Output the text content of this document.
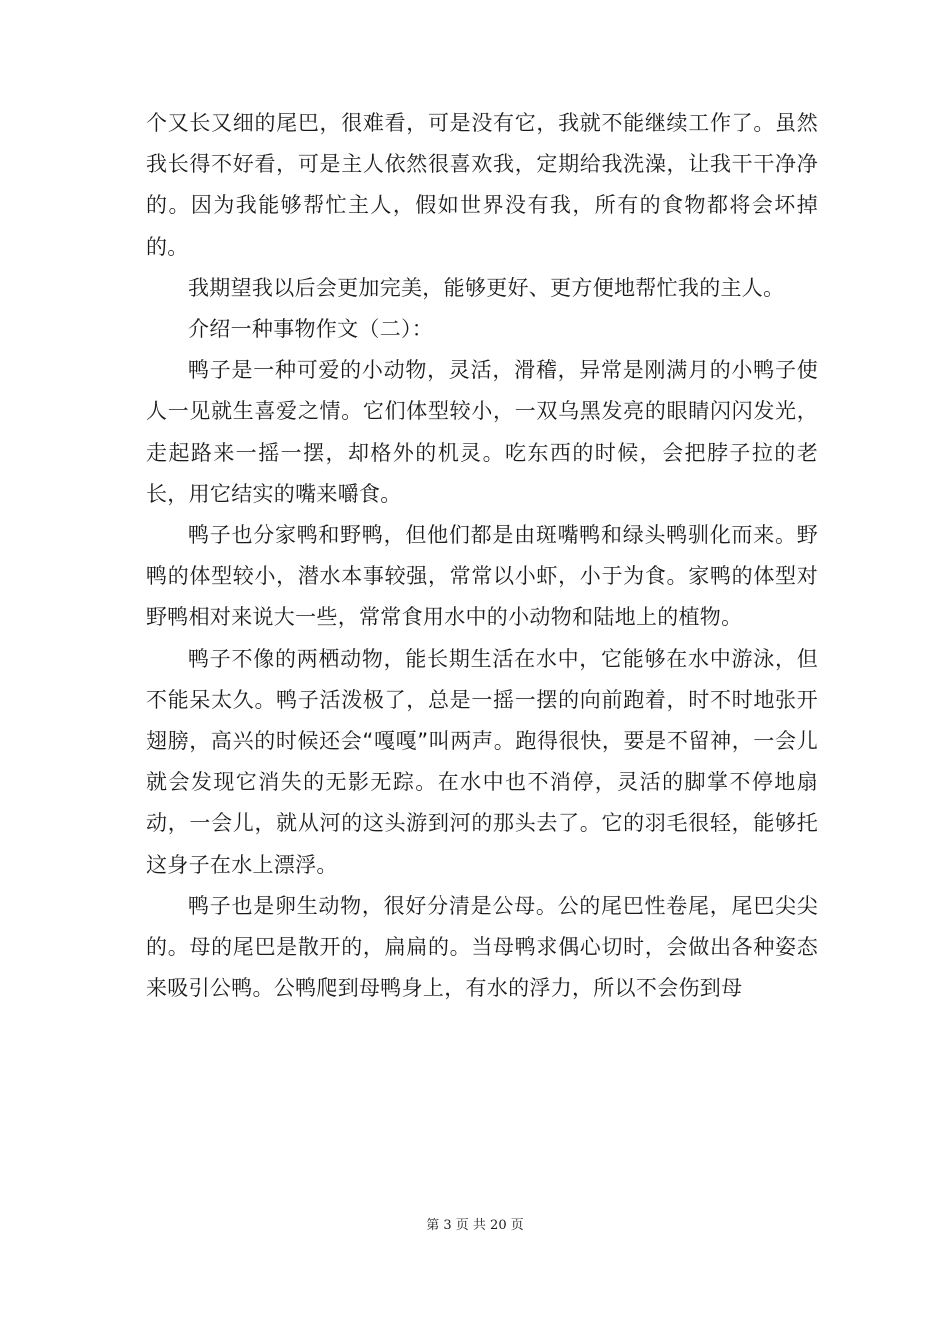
个又长又细的尾巴，很难看，可是没有它，我就不能继续工作了。虽然我长得不好看，可是主人依然很喜欢我，定期给我洗澡，让我干干净净的。因为我能够帮忙主人，假如世界没有我，所有的食物都将会坏掉的。

我期望我以后会更加完美，能够更好、更方便地帮忙我的主人。

介绍一种事物作文（二）：

鸭子是一种可爱的小动物，灵活，滑稽，异常是刚满月的小鸭子使人一见就生喜爱之情。它们体型较小，一双乌黑发亮的眼睛闪闪发光，走起路来一摇一摆，却格外的机灵。吃东西的时候，会把脖子拉的老长，用它结实的嘴来嚼食。

鸭子也分家鸭和野鸭，但他们都是由斑嘴鸭和绿头鸭驯化而来。野鸭的体型较小，潜水本事较强，常常以小虾，小于为食。家鸭的体型对野鸭相对来说大一些，常常食用水中的小动物和陆地上的植物。

鸭子不像的两栖动物，能长期生活在水中，它能够在水中游泳，但不能呆太久。鸭子活泼极了，总是一摇一摆的向前跑着，时不时地张开翅膀，高兴的时候还会“嘎嘎”叫两声。跑得很快，要是不留神，一会儿就会发现它消失的无影无踪。在水中也不消停，灵活的脚掌不停地扇动，一会儿，就从河的这头游到河的那头去了。它的羽毛很轻，能够托这身子在水上漂浮。

鸭子也是卵生动物，很好分清是公母。公的尾巴性卷尾，尾巴尖尖的。母的尾巴是散开的，扁扁的。当母鸭求偶心切时，会做出各种姿态来吸引公鸭。公鸭爬到母鸭身上，有水的浮力，所以不会伤到母

第 3 页 共 20 页
